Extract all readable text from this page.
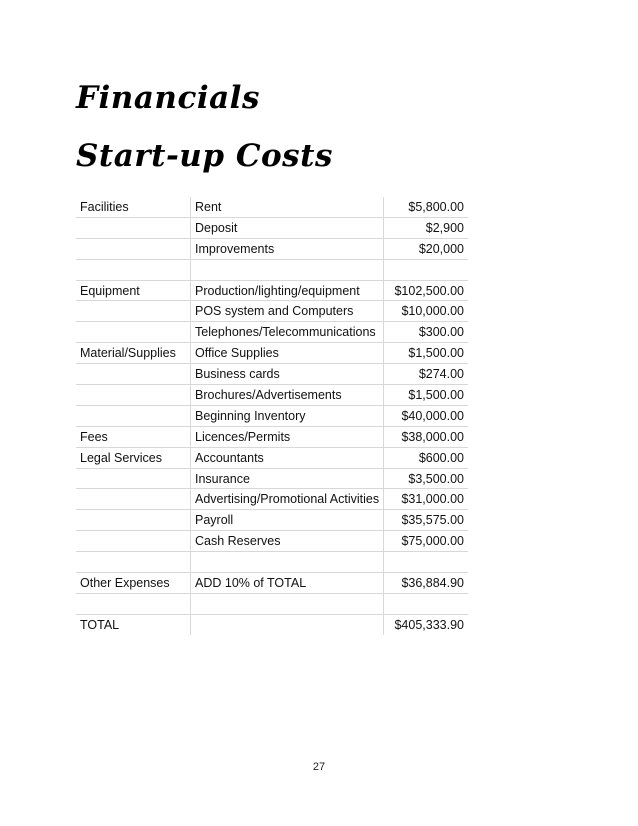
Financials
Start-up Costs
Facilities	Rent	$5,800.00
	Deposit	$2,900
	Improvements	$20,000

Equipment	Production/lighting/equipment	$102,500.00
	POS system and Computers	$10,000.00
	Telephones/Telecommunications	$300.00
Material/Supplies	Office Supplies	$1,500.00
	Business cards	$274.00
	Brochures/Advertisements	$1,500.00
	Beginning Inventory	$40,000.00
Fees	Licences/Permits	$38,000.00
Legal Services	Accountants	$600.00
	Insurance	$3,500.00
	Advertising/Promotional Activities	$31,000.00
	Payroll	$35,575.00
	Cash Reserves	$75,000.00

Other Expenses	ADD 10% of TOTAL	$36,884.90

TOTAL		$405,333.90
27
